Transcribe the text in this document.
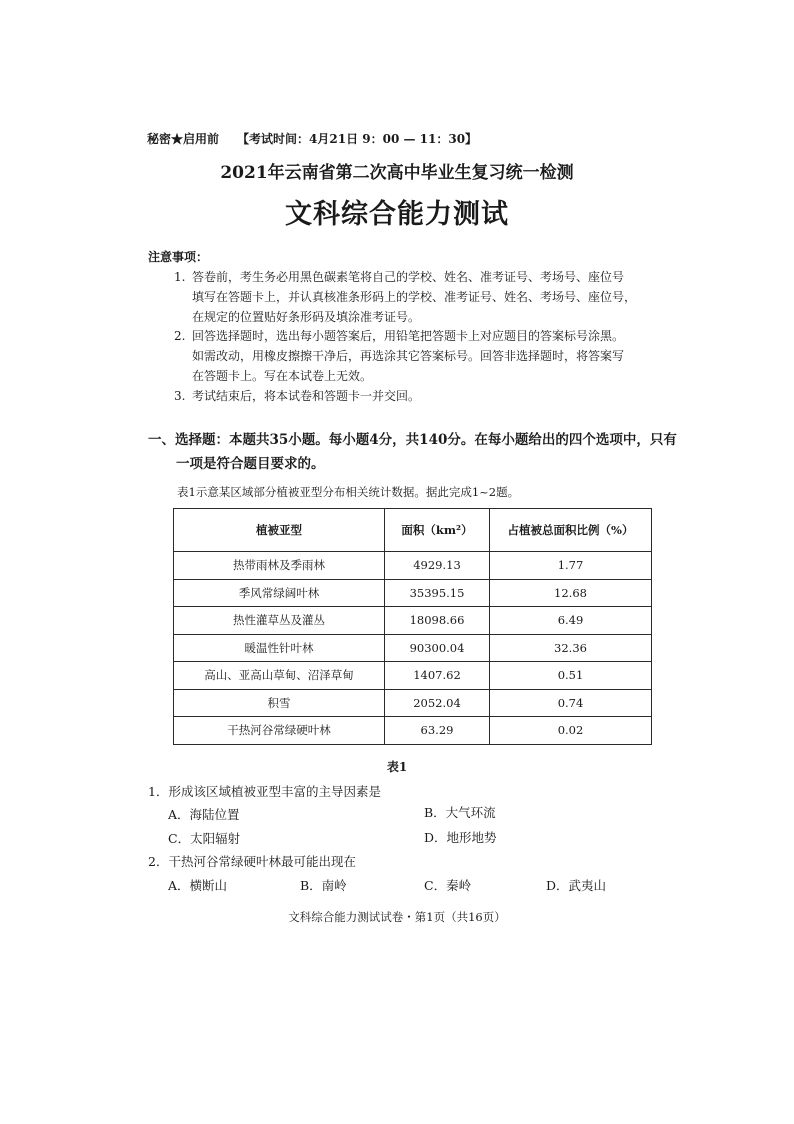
秘密★启用前 【考试时间：4月21日 9：00 — 11：30】
2021年云南省第二次高中毕业生复习统一检测
文科综合能力测试
注意事项：
1. 答卷前，考生务必用黑色碳素笔将自己的学校、姓名、准考证号、考场号、座位号
填写在答题卡上，并认真核准条形码上的学校、准考证号、姓名、考场号、座位号，
在规定的位置贴好条形码及填涂准考证号。
2. 回答选择题时，选出每小题答案后，用铅笔把答题卡上对应题目的答案标号涂黑。
如需改动，用橡皮擦擦干净后，再选涂其它答案标号。回答非选择题时，将答案写
在答题卡上。写在本试卷上无效。
3. 考试结束后，将本试卷和答题卡一并交回。
一、选择题：本题共35小题。每小题4分，共140分。在每小题给出的四个选项中，只有
一项是符合题目要求的。
表1示意某区域部分植被亚型分布相关统计数据。据此完成1~2题。
植被亚型	面积（km²）	占植被总面积比例（%）
热带雨林及季雨林	4929.13	1.77
季风常绿阔叶林	35395.15	12.68
热性灌草丛及灌丛	18098.66	6.49
暖温性针叶林	90300.04	32.36
高山、亚高山草甸、沼泽草甸	1407.62	0.51
积雪	2052.04	0.74
干热河谷常绿硬叶林	63.29	0.02
表1
1．形成该区域植被亚型丰富的主导因素是
A．海陆位置	B．大气环流
C．太阳辐射	D．地形地势
2．干热河谷常绿硬叶林最可能出现在
A．横断山	B．南岭	C．秦岭	D．武夷山
文科综合能力测试试卷・第1页（共16页）
